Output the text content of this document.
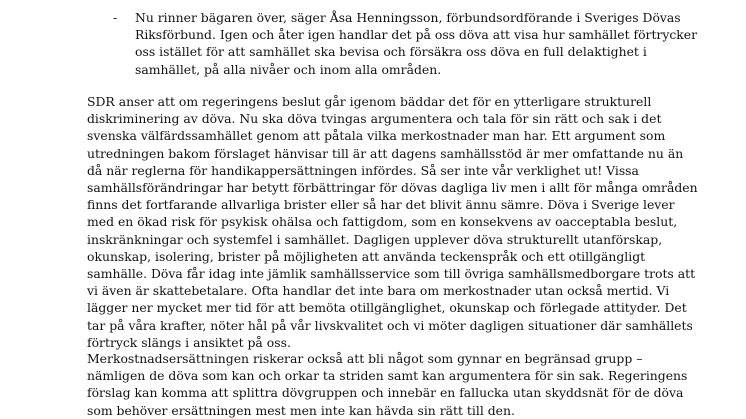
- Nu rinner bägaren över, säger Åsa Henningsson, förbundsordförande i Sveriges Dövas
Riksförbund. Igen och åter igen handlar det på oss döva att visa hur samhället förtrycker
oss istället för att samhället ska bevisa och försäkra oss döva en full delaktighet i
samhället, på alla nivåer och inom alla områden.
SDR anser att om regeringens beslut går igenom bäddar det för en ytterligare strukturell
diskriminering av döva. Nu ska döva tvingas argumentera och tala för sin rätt och sak i det
svenska välfärdssamhället genom att påtala vilka merkostnader man har. Ett argument som
utredningen bakom förslaget hänvisar till är att dagens samhällsstöd är mer omfattande nu än
då när reglerna för handikappersättningen infördes. Så ser inte vår verklighet ut! Vissa
samhällsförändringar har betytt förbättringar för dövas dagliga liv men i allt för många områden
finns det fortfarande allvarliga brister eller så har det blivit ännu sämre. Döva i Sverige lever
med en ökad risk för psykisk ohälsa och fattigdom, som en konsekvens av oacceptabla beslut,
inskränkningar och systemfel i samhället. Dagligen upplever döva strukturellt utanförskap,
okunskap, isolering, brister på möjligheten att använda teckenspråk och ett otillgängligt
samhälle. Döva får idag inte jämlik samhällsservice som till övriga samhällsmedborgare trots att
vi även är skattebetalare. Ofta handlar det inte bara om merkostnader utan också mertid. Vi
lägger ner mycket mer tid för att bemöta otillgänglighet, okunskap och förlegade attityder. Det
tar på våra krafter, nöter hål på vår livskvalitet och vi möter dagligen situationer där samhällets
förtryck slängs i ansiktet på oss.
Merkostnadsersättningen riskerar också att bli något som gynnar en begränsad grupp –
nämligen de döva som kan och orkar ta striden samt kan argumentera för sin sak. Regeringens
förslag kan komma att splittra dövgruppen och innebär en fallucka utan skyddsnät för de döva
som behöver ersättningen mest men inte kan hävda sin rätt till den.
